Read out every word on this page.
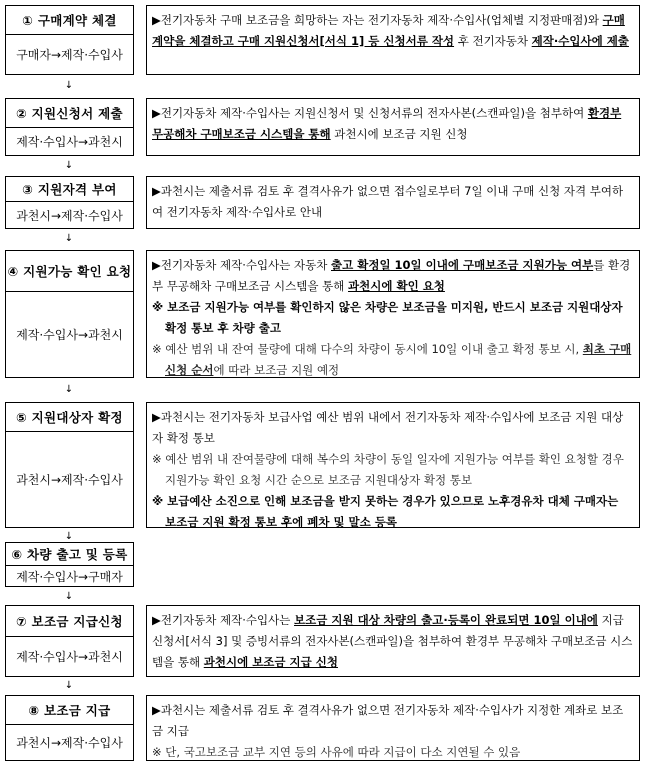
① 구매계약 체결
구매자→제작·수입사

▶전기자동차 구매 보조금을 희망하는 자는 전기자동차 제작·수입사(업체별 지정판매점)와 구매계약을 체결하고 구매 지원신청서[서식 1] 등 신청서류 작성 후 전기자동차 제작·수입사에 제출

↓
② 지원신청서 제출
제작·수입사→과천시

▶전기자동차 제작·수입사는 지원신청서 및 신청서류의 전자사본(스캔파일)을 첨부하여 환경부 무공해차 구매보조금 시스템을 통해 과천시에 보조금 지원 신청

↓
③ 지원자격 부여
과천시→제작·수입사

▶과천시는 제출서류 검토 후 결격사유가 없으면 접수일로부터 7일 이내 구매 신청 자격 부여하여 전기자동차 제작·수입사로 안내

↓
④ 지원가능 확인 요청
제작·수입사→과천시

▶전기자동차 제작·수입사는 자동차 출고 확정일 10일 이내에 구매보조금 지원가능 여부를 환경부 무공해차 구매보조금 시스템을 통해 과천시에 확인 요청

※ 보조금 지원가능 여부를 확인하지 않은 차량은 보조금을 미지원, 반드시 보조금 지원대상자 확정 통보 후 차량 출고

※ 예산 범위 내 잔여 물량에 대해 다수의 차량이 동시에 10일 이내 출고 확정 통보 시, 최초 구매신청 순서에 따라 보조금 지원 예정

↓
⑤ 지원대상자 확정
과천시→제작·수입사

▶과천시는 전기자동차 보급사업 예산 범위 내에서 전기자동차 제작·수입사에 보조금 지원 대상자 확정 통보

※ 예산 범위 내 잔여물량에 대해 복수의 차량이 동일 일자에 지원가능 여부를 확인 요청할 경우 지원가능 확인 요청 시간 순으로 보조금 지원대상자 확정 통보

※ 보급예산 소진으로 인해 보조금을 받지 못하는 경우가 있으므로 노후경유차 대체 구매자는 보조금 지원 확정 통보 후에 폐차 및 말소 등록

↓
⑥ 차량 출고 및 등록
제작·수입사→구매자
↓
⑦ 보조금 지급신청
제작·수입사→과천시

▶전기자동차 제작·수입사는 보조금 지원 대상 차량의 출고·등록이 완료되면 10일 이내에 지급신청서[서식 3] 및 증빙서류의 전자사본(스캔파일)을 첨부하여 환경부 무공해차 구매보조금 시스템을 통해 과천시에 보조금 지급 신청

↓
⑧ 보조금 지급
과천시→제작·수입사

▶과천시는 제출서류 검토 후 결격사유가 없으면 전기자동차 제작·수입사가 지정한 계좌로 보조금 지급

※ 단, 국고보조금 교부 지연 등의 사유에 따라 지급이 다소 지연될 수 있음
